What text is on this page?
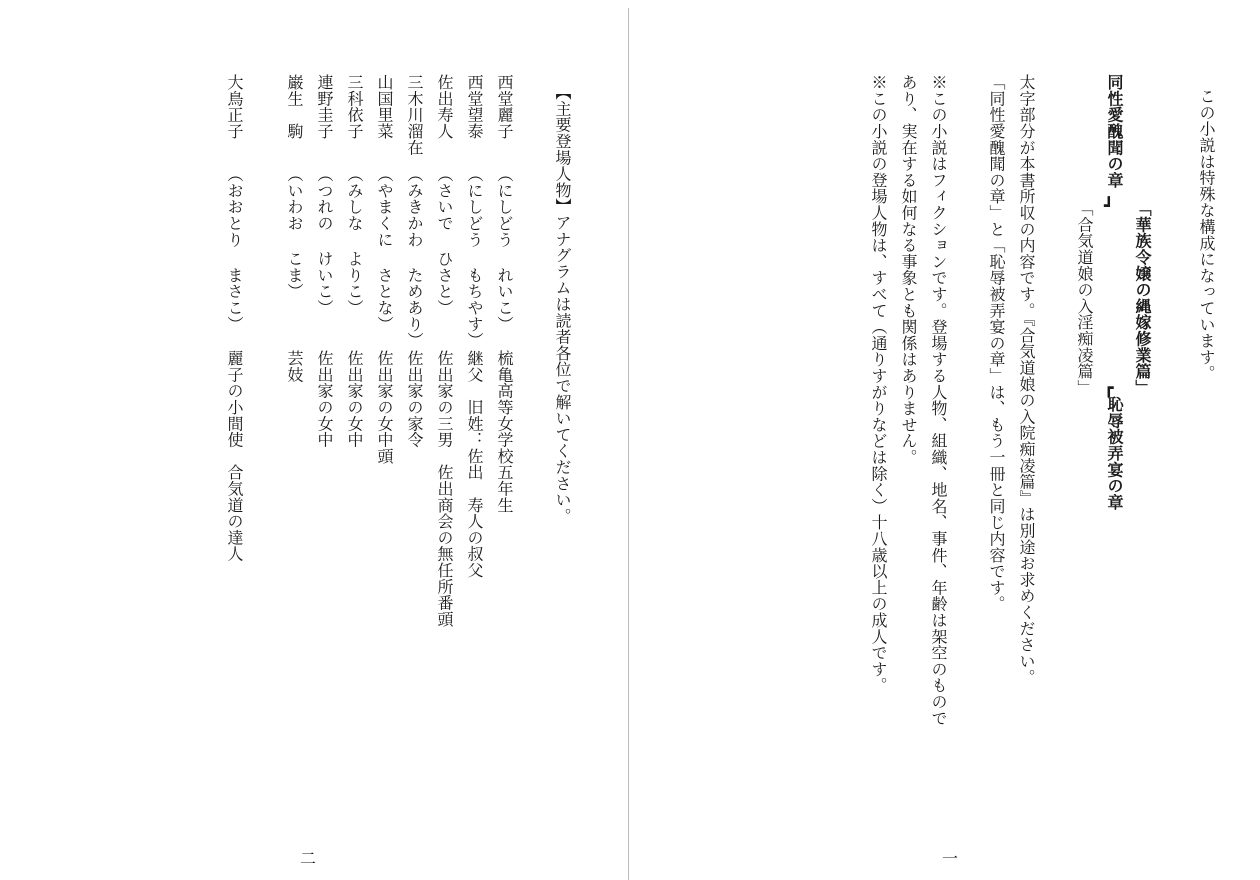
この小説は特殊な構成になっています。
「華族令嬢の縄嫁修業篇」
同性愛醜聞の章
┛
┏
恥辱被弄宴の章
「合気道娘の入淫痴凌篇」
太字部分が本書所収の内容です。『合気道娘の入院痴凌篇』は別途お求めください。
「同性愛醜聞の章」と「恥辱被弄宴の章」は、もう一冊と同じ内容です。
※この小説はフィクションです。登場する人物、組織、地名、事件、年齢は架空のもので
あり、実在する如何なる事象とも関係はありません。
※この小説の登場人物は、すべて（通りすがりなどは除く）十八歳以上の成人です。
一
【主要登場人物】アナグラムは読者各位で解いてください。
西堂麗子
（にしどう れいこ）
梳亀高等女学校五年生
西堂望泰
（にしどう もちやす）
継父　旧姓：佐出　寿人の叔父
佐出寿人
（さいで ひさと）
佐出家の三男　佐出商会の無任所番頭
三木川溜在
（みきかわ ためあり）
佐出家の家令
山国里菜
（やまくに さとな）
佐出家の女中頭
三科依子
（みしな よりこ）
佐出家の女中
連野圭子
（つれの けいこ）
佐出家の女中
巌生　駒
（いわお こま）
芸妓
大鳥正子
（おおとり まさこ）
麗子の小間使　合気道の達人
二
